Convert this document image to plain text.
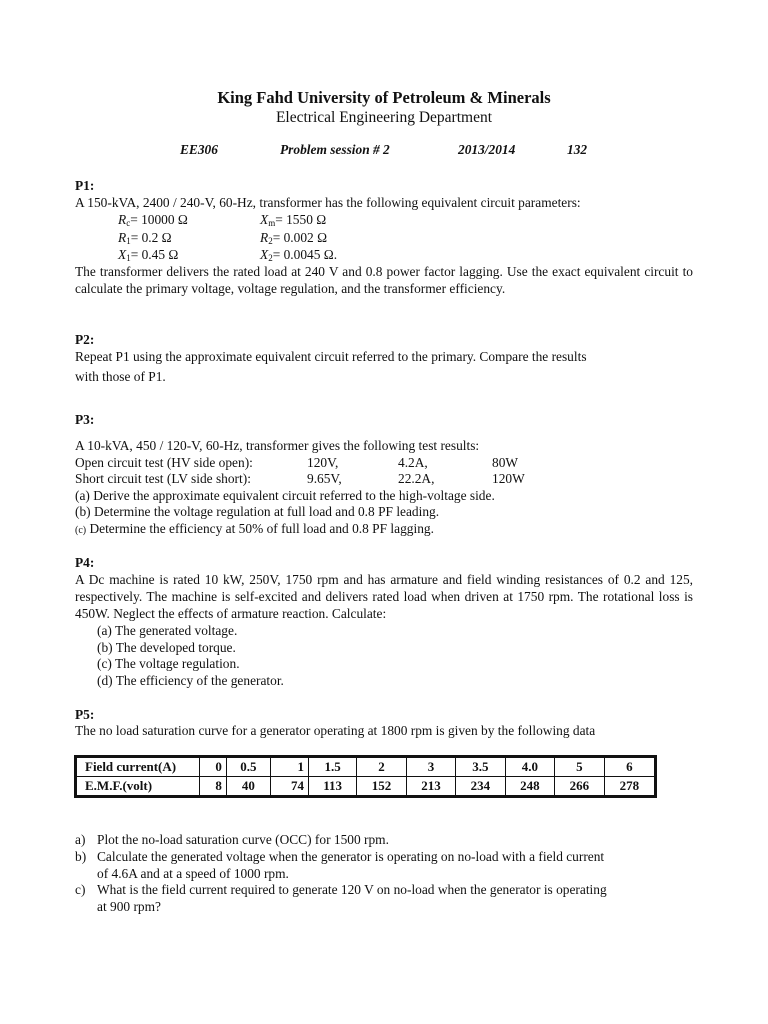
King Fahd University of Petroleum & Minerals
Electrical Engineering Department
EE306	Problem session # 2	2013/2014	132
P1:
A 150-kVA, 2400 / 240-V, 60-Hz, transformer has the following equivalent circuit parameters:
$R_c= 10000$ Ω	$X_m= 1550$ Ω
$R_1= 0.2$ Ω	$R_2= 0.002$ Ω
$X_1= 0.45$ Ω	$X_2= 0.0045$ Ω.
The transformer delivers the rated load at 240 V and 0.8 power factor lagging. Use the exact equivalent circuit to calculate the primary voltage, voltage regulation, and the transformer efficiency.
P2:
Repeat P1 using the approximate equivalent circuit referred to the primary. Compare the results
with those of P1.
P3:
A 10-kVA, 450 / 120-V, 60-Hz, transformer gives the following test results:
Open circuit test (HV side open):	120V,	4.2A,	80W
Short circuit test (LV side short):	9.65V,	22.2A,	120W
(a) Derive the approximate equivalent circuit referred to the high-voltage side.
(b) Determine the voltage regulation at full load and 0.8 PF leading.
(c) Determine the efficiency at 50% of full load and 0.8 PF lagging.
P4:
A Dc machine is rated 10 kW, 250V, 1750 rpm and has armature and field winding resistances of 0.2 and 125, respectively. The machine is self-excited and delivers rated load when driven at 1750 rpm. The rotational loss is 450W. Neglect the effects of armature reaction. Calculate:
(a) The generated voltage.
(b) The developed torque.
(c) The voltage regulation.
(d) The efficiency of the generator.
P5:
The no load saturation curve for a generator operating at 1800 rpm is given by the following data
Field current(A)	0	0.5	1	1.5	2	3	3.5	4.0	5	6
E.M.F.(volt)	8	40	74	113	152	213	234	248	266	278
a) Plot the no-load saturation curve (OCC) for 1500 rpm.
b) Calculate the generated voltage when the generator is operating on no-load with a field current
of 4.6A and at a speed of 1000 rpm.
c) What is the field current required to generate 120 V on no-load when the generator is operating
at 900 rpm?
